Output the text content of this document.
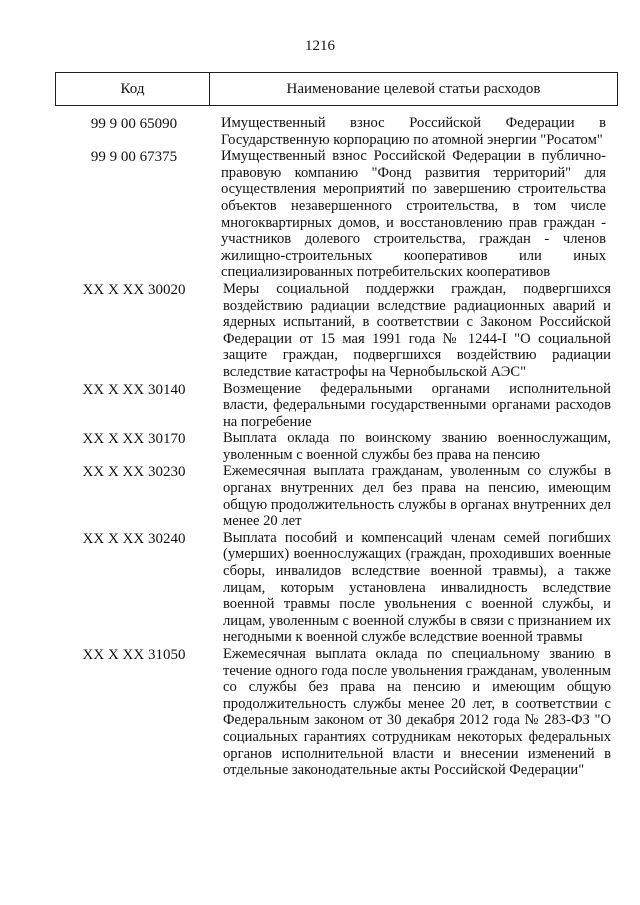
1216
Код	Наименование целевой статьи расходов
99 9 00 65090	Имущественный взнос Российской Федерации в Государственную корпорацию по атомной энергии "Росатом"
99 9 00 67375	Имущественный взнос Российской Федерации в публично-правовую компанию "Фонд развития территорий" для осуществления мероприятий по завершению строительства объектов незавершенного строительства, в том числе многоквартирных домов, и восстановлению прав граждан - участников долевого строительства, граждан - членов жилищно-строительных кооперативов или иных специализированных потребительских кооперативов
ХХ Х ХХ 30020	Меры социальной поддержки граждан, подвергшихся воздействию радиации вследствие радиационных аварий и ядерных испытаний, в соответствии с Законом Российской Федерации от 15 мая 1991 года № 1244-I "О социальной защите граждан, подвергшихся воздействию радиации вследствие катастрофы на Чернобыльской АЭС"
ХХ Х ХХ 30140	Возмещение федеральными органами исполнительной власти, федеральными государственными органами расходов на погребение
ХХ Х ХХ 30170	Выплата оклада по воинскому званию военнослужащим, уволенным с военной службы без права на пенсию
ХХ Х ХХ 30230	Ежемесячная выплата гражданам, уволенным со службы в органах внутренних дел без права на пенсию, имеющим общую продолжительность службы в органах внутренних дел менее 20 лет
ХХ Х ХХ 30240	Выплата пособий и компенсаций членам семей погибших (умерших) военнослужащих (граждан, проходивших военные сборы, инвалидов вследствие военной травмы), а также лицам, которым установлена инвалидность вследствие военной травмы после увольнения с военной службы, и лицам, уволенным с военной службы в связи с признанием их негодными к военной службе вследствие военной травмы
ХХ Х ХХ 31050	Ежемесячная выплата оклада по специальному званию в течение одного года после увольнения гражданам, уволенным со службы без права на пенсию и имеющим общую продолжительность службы менее 20 лет, в соответствии с Федеральным законом от 30 декабря 2012 года № 283-ФЗ "О социальных гарантиях сотрудникам некоторых федеральных органов исполнительной власти и внесении изменений в отдельные законодательные акты Российской Федерации"
